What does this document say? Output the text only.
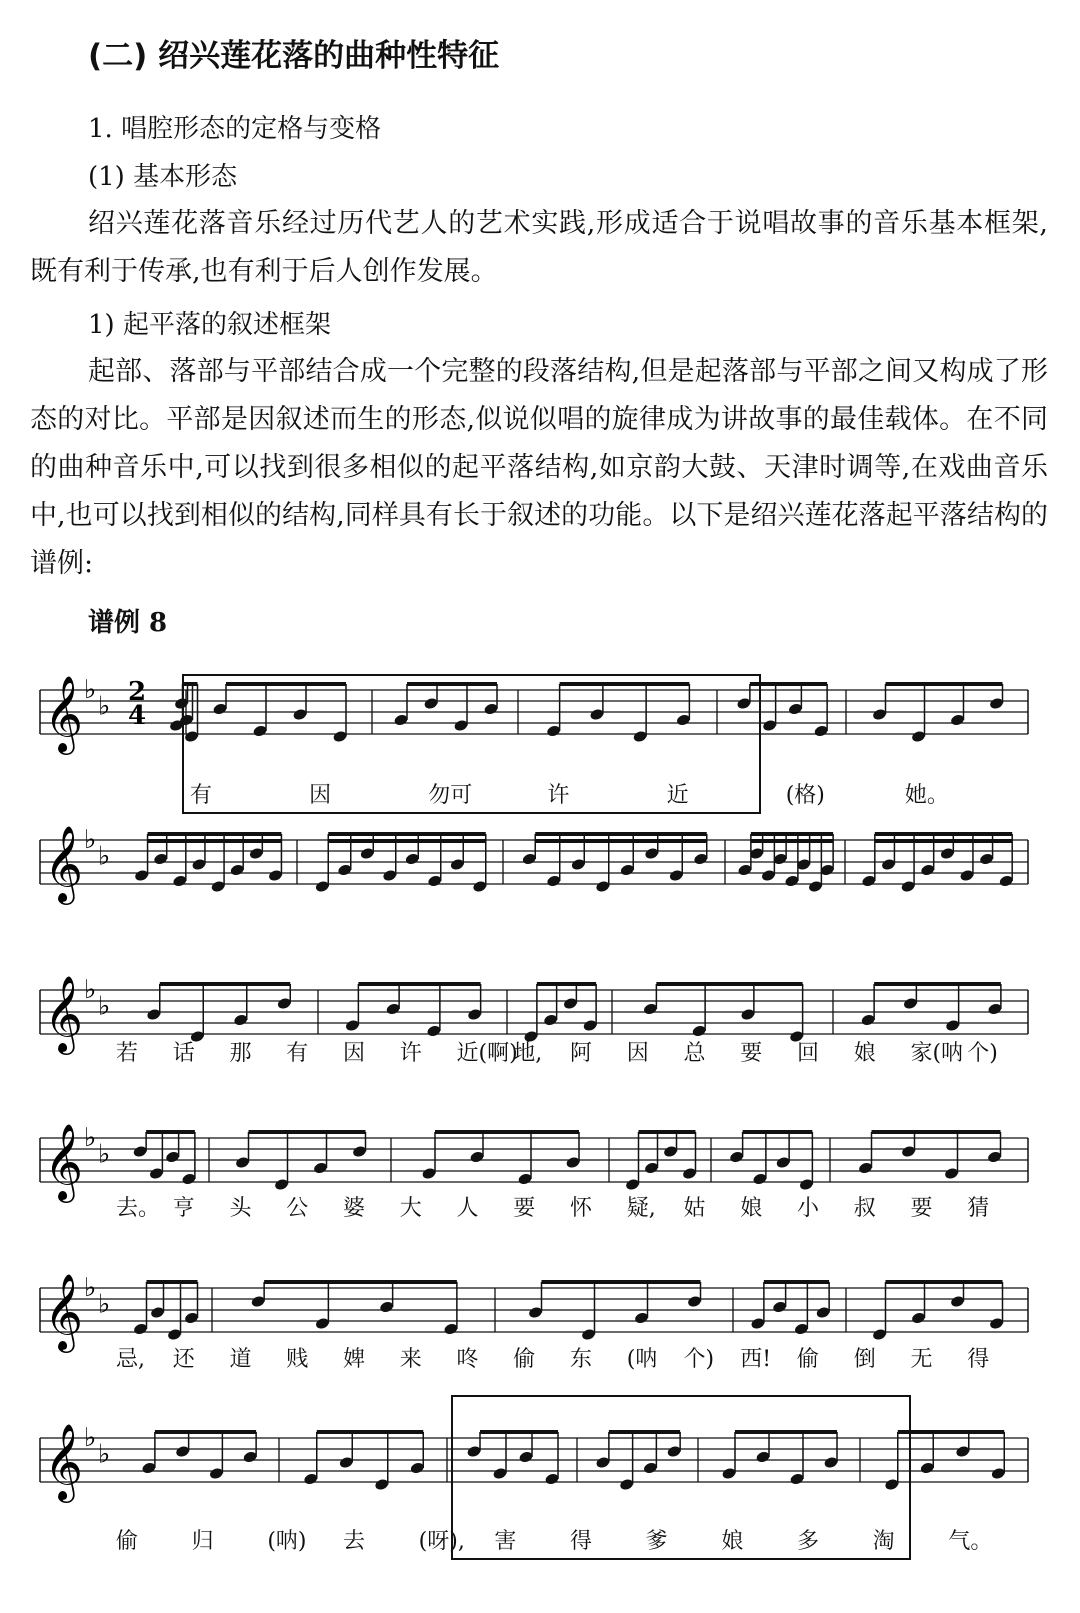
(二) 绍兴莲花落的曲种性特征
1. 唱腔形态的定格与变格
(1) 基本形态

绍兴莲花落音乐经过历代艺人的艺术实践,形成适合于说唱故事的音乐基本框架,既有利于传承,也有利于后人创作发展。

1) 起平落的叙述框架

起部、落部与平部结合成一个完整的段落结构,但是起落部与平部之间又构成了形态的对比。平部是因叙述而生的形态,似说似唱的旋律成为讲故事的最佳载体。在不同的曲种音乐中,可以找到很多相似的起平落结构,如京韵大鼓、天津时调等,在戏曲音乐中,也可以找到相似的结构,同样具有长于叙述的功能。以下是绍兴莲花落起平落结构的谱例:

谱例 8
𝄞 ♭
♭
𝄞 ♭
♭
𝄞 ♭
♭
𝄞 ♭
♭
𝄞 ♭
♭
𝄞 ♭
♭
2
4
有	因	勿可	许	近	(格)	她。
若 话 那 有 因 许 近(啊)
地, 阿 因 总 要 回 娘 家(呐 个)
去。 亨 头 公 婆 大 人 要 怀 疑, 姑 娘 小 叔 要 猜
忌, 还 道 贱 婢 来 咚 偷 东 (呐 个) 西! 偷 倒 无 得
偷 归 (呐) 去 (呀), 害 得 爹 娘 多 淘 气。
